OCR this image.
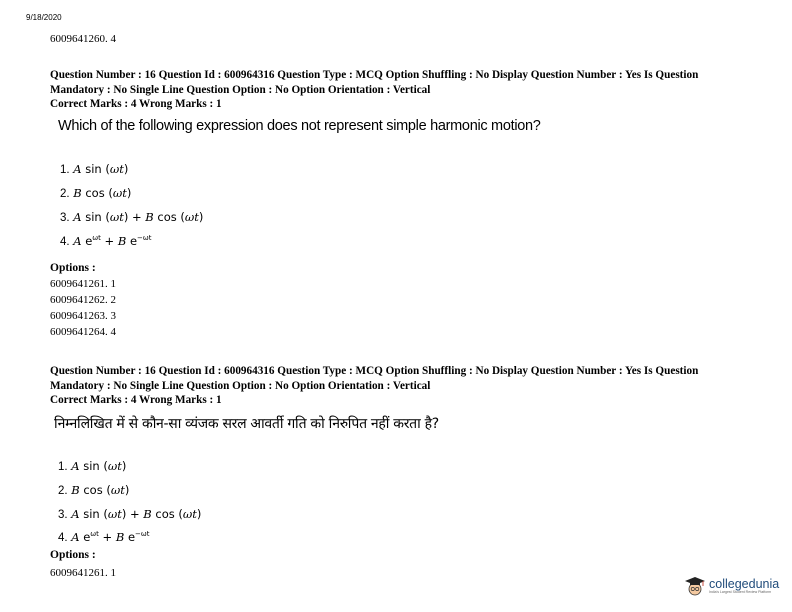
9/18/2020
6009641260. 4
Question Number : 16 Question Id : 600964316 Question Type : MCQ Option Shuffling : No Display Question Number : Yes Is Question Mandatory : No Single Line Question Option : No Option Orientation : Vertical
Correct Marks : 4 Wrong Marks : 1
Which of the following expression does not represent simple harmonic motion?
1. A sin (ωt)
2. B cos (ωt)
3. A sin (ωt) + B cos (ωt)
4. A $e^{\omega t} + B$ $e^{-\omega t}$
Options :
6009641261. 1
6009641262. 2
6009641263. 3
6009641264. 4
Question Number : 16 Question Id : 600964316 Question Type : MCQ Option Shuffling : No Display Question Number : Yes Is Question Mandatory : No Single Line Question Option : No Option Orientation : Vertical
Correct Marks : 4 Wrong Marks : 1
निम्नलिखित में से कौन-सा व्यंजक सरल आवर्ती गति को निरुपित नहीं करता है?
1. A sin (ωt)
2. B cos (ωt)
3. A sin (ωt) + B cos (ωt)
4. A $e^{\omega t} + B$ $e^{-\omega t}$
Options :
6009641261. 1
collegedunia
India's Largest Student Review Platform
